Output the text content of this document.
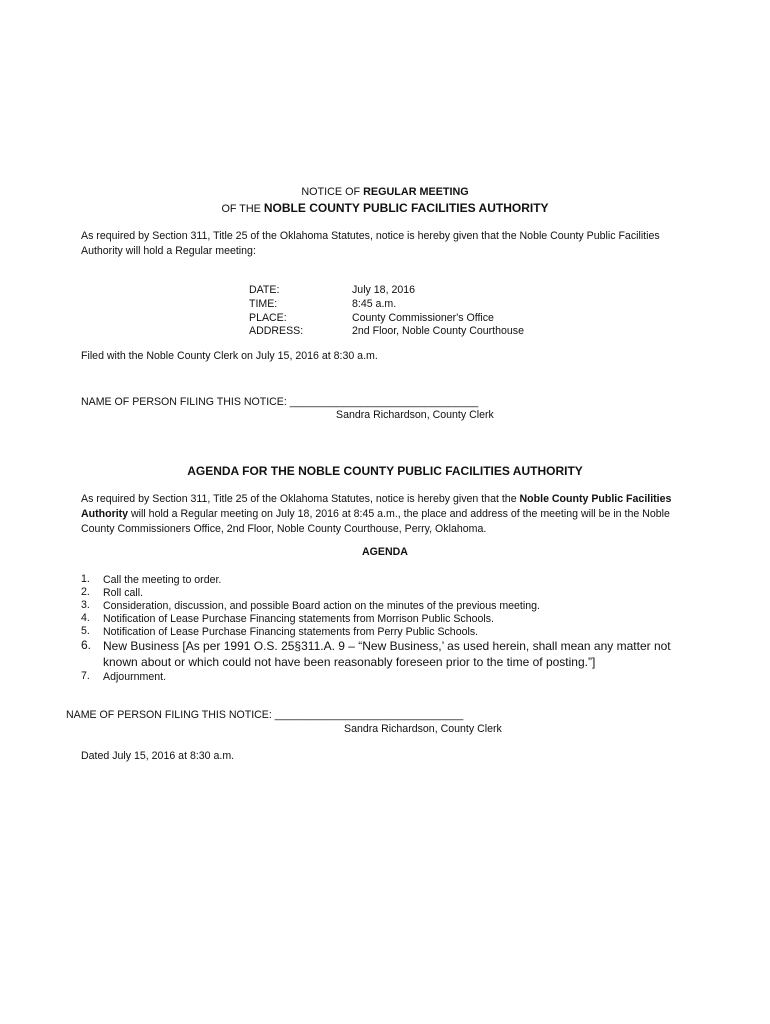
NOTICE OF REGULAR MEETING

OF THE NOBLE COUNTY PUBLIC FACILITIES AUTHORITY

As required by Section 311, Title 25 of the Oklahoma Statutes, notice is hereby given that the Noble County Public Facilities Authority will hold a Regular meeting:

DATE:	July 18, 2016
TIME:	8:45 a.m.
PLACE:	County Commissioner's Office
ADDRESS:	2nd Floor, Noble County Courthouse

Filed with the Noble County Clerk on July 15, 2016 at 8:30 a.m.

NAME OF PERSON FILING THIS NOTICE: ________________________________

Sandra Richardson, County Clerk

AGENDA FOR THE NOBLE COUNTY PUBLIC FACILITIES AUTHORITY

As required by Section 311, Title 25 of the Oklahoma Statutes, notice is hereby given that the Noble County Public Facilities Authority will hold a Regular meeting on July 18, 2016 at 8:45 a.m., the place and address of the meeting will be in the Noble County Commissioners Office, 2nd Floor, Noble County Courthouse, Perry, Oklahoma.

AGENDA

1.	Call the meeting to order.
2.	Roll call.
3.	Consideration, discussion, and possible Board action on the minutes of the previous meeting.
4.	Notification of Lease Purchase Financing statements from Morrison Public Schools.
5.	Notification of Lease Purchase Financing statements from Perry Public Schools.
6. New Business [As per 1991 O.S. 25§311.A. 9 – “New Business,’ as used herein, shall mean any matter not known about or which could not have been reasonably foreseen prior to the time of posting.”]
7.	Adjournment.

NAME OF PERSON FILING THIS NOTICE: ________________________________

Sandra Richardson, County Clerk

Dated July 15, 2016 at 8:30 a.m.
